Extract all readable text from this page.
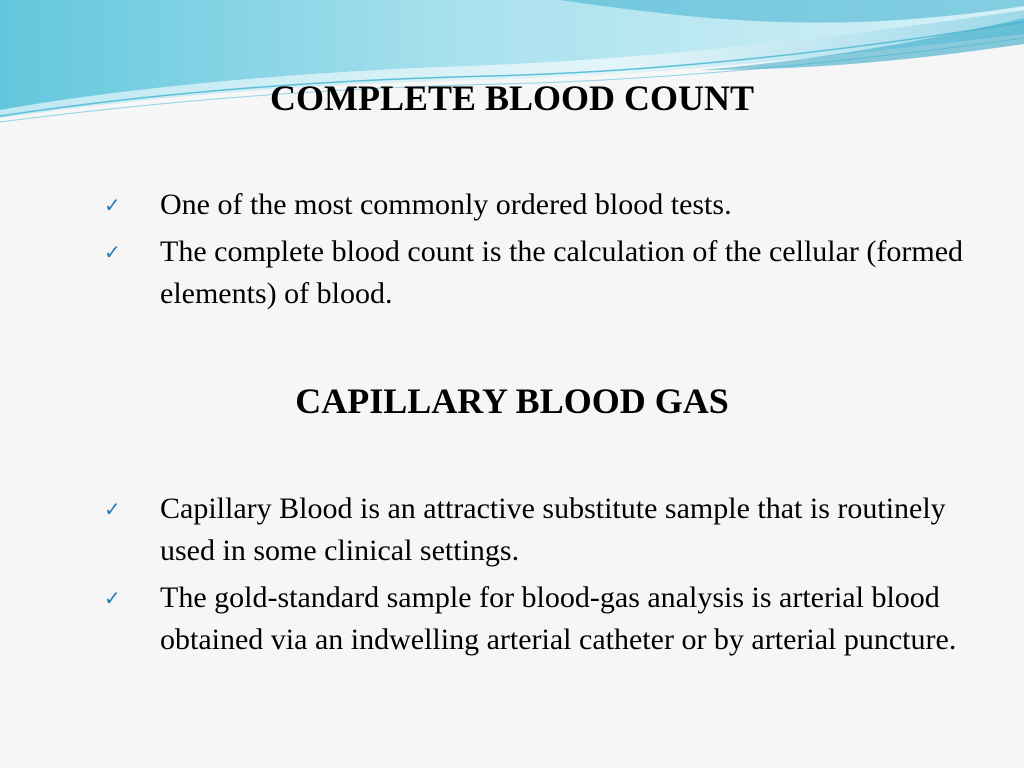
COMPLETE BLOOD COUNT
✓ One of the most commonly ordered blood tests.
✓ The complete blood count is the calculation of the cellular (formed elements) of blood.
CAPILLARY BLOOD GAS
✓ Capillary Blood is an attractive substitute sample that is routinely used in some clinical settings.
✓ The gold-standard sample for blood-gas analysis is arterial blood obtained via an indwelling arterial catheter or by arterial puncture.
